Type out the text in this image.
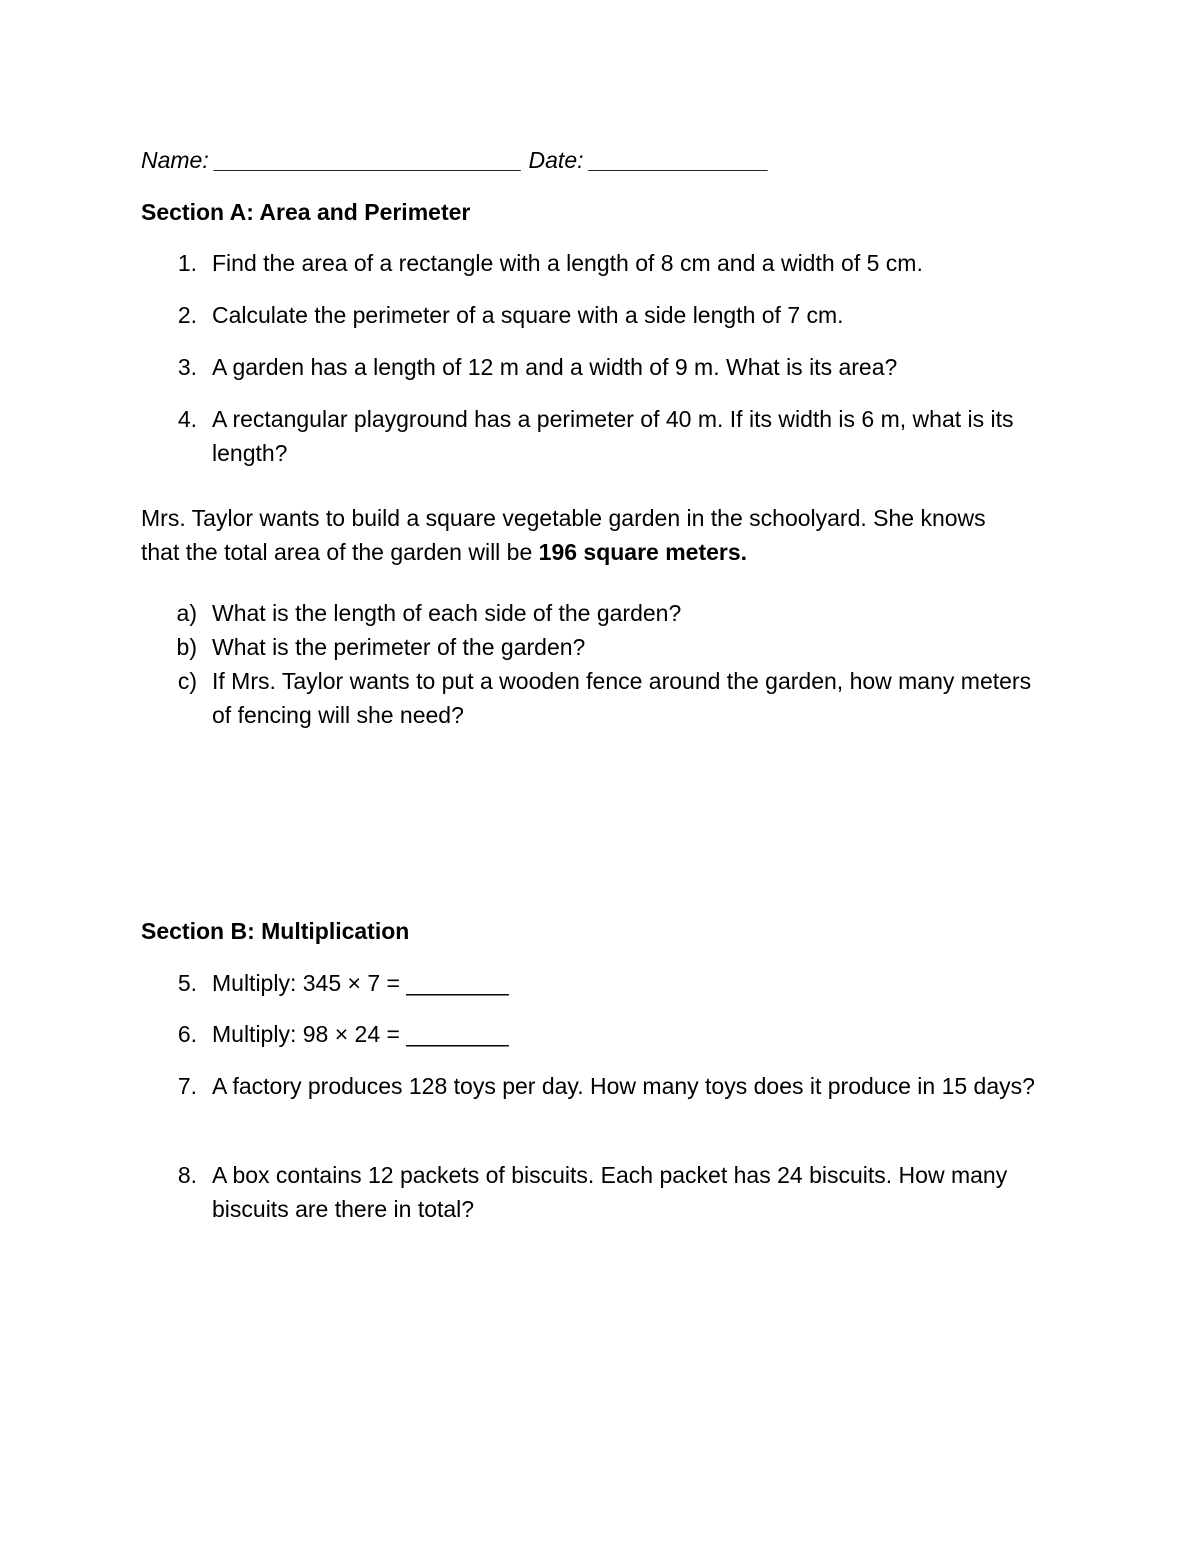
Name: ________________________ Date: ______________
Section A: Area and Perimeter
1. Find the area of a rectangle with a length of 8 cm and a width of 5 cm.
2. Calculate the perimeter of a square with a side length of 7 cm.
3. A garden has a length of 12 m and a width of 9 m. What is its area?
4. A rectangular playground has a perimeter of 40 m. If its width is 6 m, what is its length?
Mrs. Taylor wants to build a square vegetable garden in the schoolyard. She knows that the total area of the garden will be 196 square meters.
a) What is the length of each side of the garden?
b) What is the perimeter of the garden?
c) If Mrs. Taylor wants to put a wooden fence around the garden, how many meters of fencing will she need?
Section B: Multiplication
5. Multiply: 345 × 7 = ________
6. Multiply: 98 × 24 = ________
7. A factory produces 128 toys per day. How many toys does it produce in 15 days?
8. A box contains 12 packets of biscuits. Each packet has 24 biscuits. How many biscuits are there in total?
